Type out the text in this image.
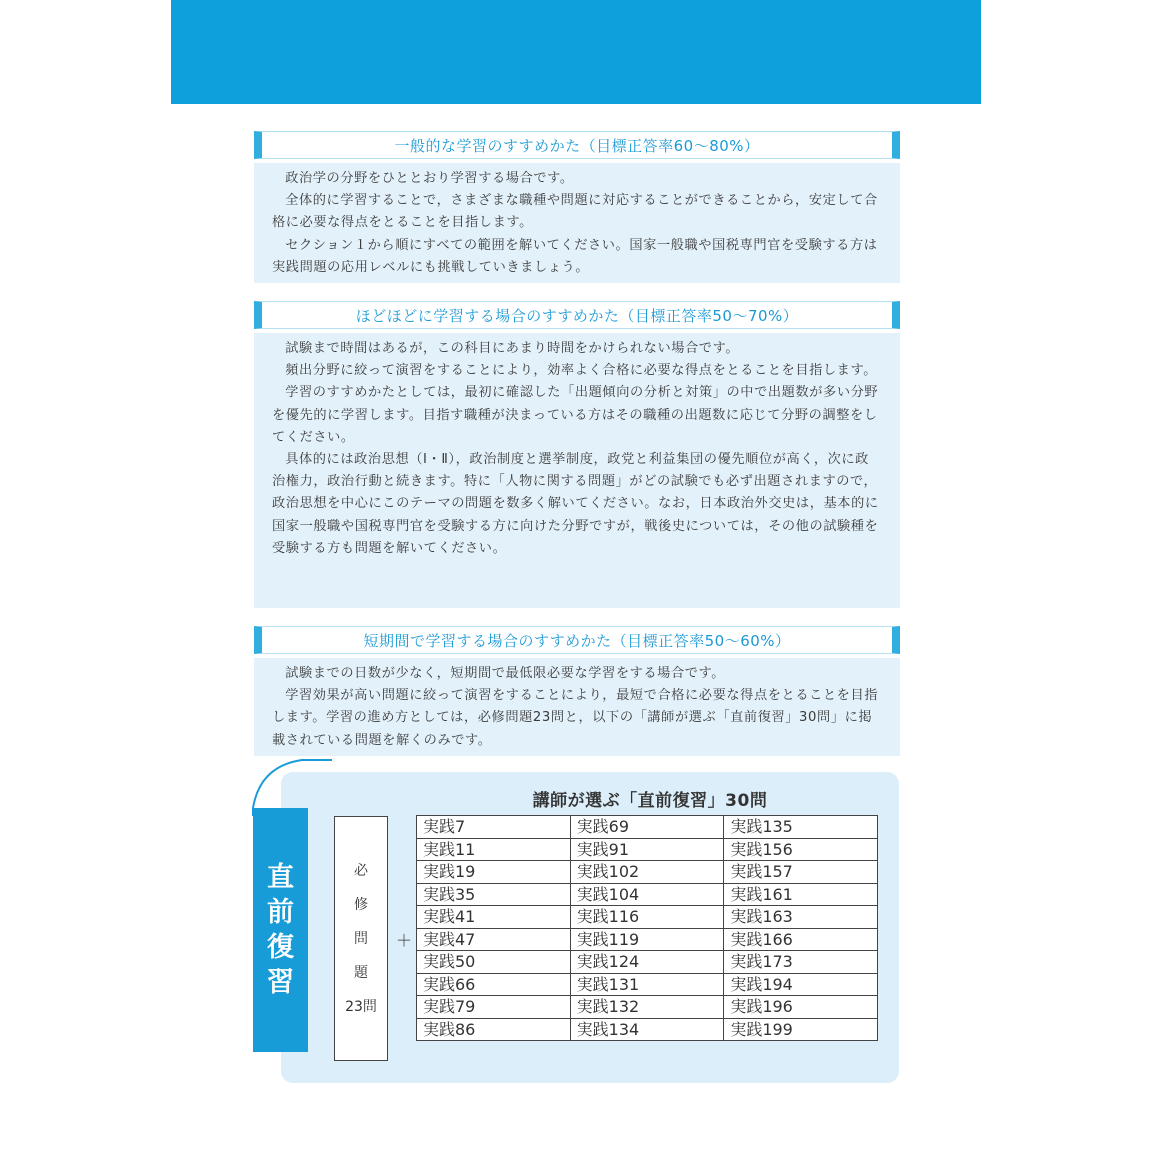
一般的な学習のすすめかた（目標正答率60～80%）

政治学の分野をひととおり学習する場合です。

全体的に学習することで，さまざまな職種や問題に対応することができることから，安定して合格に必要な得点をとることを目指します。

セクション１から順にすべての範囲を解いてください。国家一般職や国税専門官を受験する方は実践問題の応用レベルにも挑戦していきましょう。

ほどほどに学習する場合のすすめかた（目標正答率50～70%）

試験まで時間はあるが，この科目にあまり時間をかけられない場合です。

頻出分野に絞って演習をすることにより，効率よく合格に必要な得点をとることを目指します。

学習のすすめかたとしては，最初に確認した「出題傾向の分析と対策」の中で出題数が多い分野を優先的に学習します。目指す職種が決まっている方はその職種の出題数に応じて分野の調整をしてください。

具体的には政治思想（Ⅰ・Ⅱ），政治制度と選挙制度，政党と利益集団の優先順位が高く，次に政治権力，政治行動と続きます。特に「人物に関する問題」がどの試験でも必ず出題されますので，政治思想を中心にこのテーマの問題を数多く解いてください。なお，日本政治外交史は，基本的に国家一般職や国税専門官を受験する方に向けた分野ですが，戦後史については，その他の試験種を受験する方も問題を解いてください。

短期間で学習する場合のすすめかた（目標正答率50～60%）

試験までの日数が少なく，短期間で最低限必要な学習をする場合です。

学習効果が高い問題に絞って演習をすることにより，最短で合格に必要な得点をとることを目指します。学習の進め方としては，必修問題23問と，以下の「講師が選ぶ「直前復習」30問」に掲載されている問題を解くのみです。

直
前
復
習
講師が選ぶ「直前復習」30問
必
修
問
題
23問
＋
実践7	実践69	実践135
実践11	実践91	実践156
実践19	実践102	実践157
実践35	実践104	実践161
実践41	実践116	実践163
実践47	実践119	実践166
実践50	実践124	実践173
実践66	実践131	実践194
実践79	実践132	実践196
実践86	実践134	実践199
